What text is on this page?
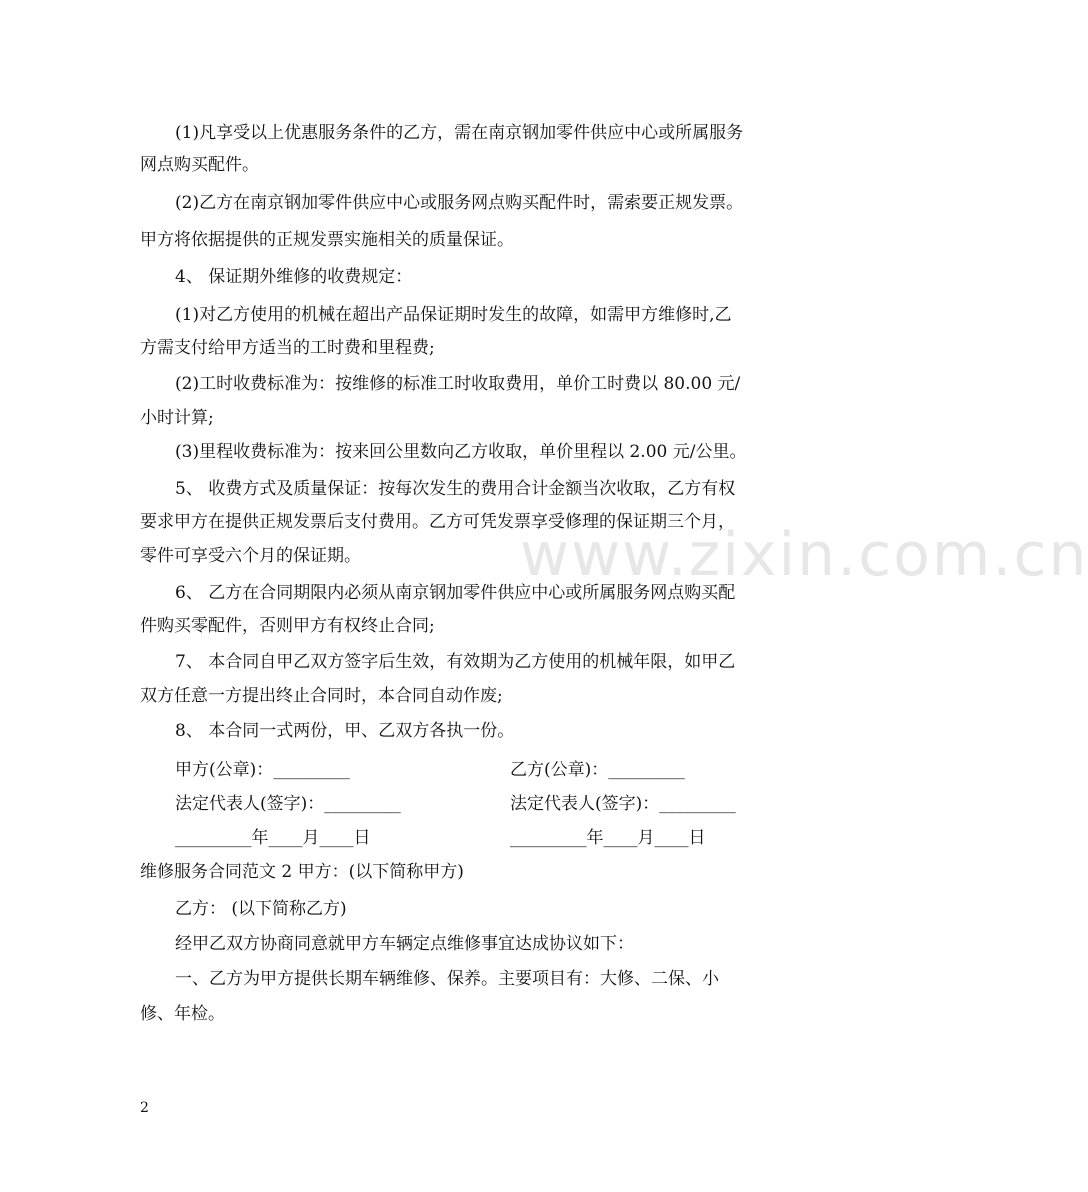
www.zixin.com.cn
(1)凡享受以上优惠服务条件的乙方，需在南京钢加零件供应中心或所属服务
网点购买配件。
(2)乙方在南京钢加零件供应中心或服务网点购买配件时，需索要正规发票。
甲方将依据提供的正规发票实施相关的质量保证。
4、 保证期外维修的收费规定：
(1)对乙方使用的机械在超出产品保证期时发生的故障，如需甲方维修时,乙
方需支付给甲方适当的工时费和里程费;
(2)工时收费标准为：按维修的标准工时收取费用，单价工时费以 80.00 元/
小时计算;
(3)里程收费标准为：按来回公里数向乙方收取，单价里程以 2.00 元/公里。
5、 收费方式及质量保证：按每次发生的费用合计金额当次收取，乙方有权
要求甲方在提供正规发票后支付费用。乙方可凭发票享受修理的保证期三个月，
零件可享受六个月的保证期。
6、 乙方在合同期限内必须从南京钢加零件供应中心或所属服务网点购买配
件购买零配件，否则甲方有权终止合同;
7、 本合同自甲乙双方签字后生效，有效期为乙方使用的机械年限，如甲乙
双方任意一方提出终止合同时，本合同自动作废;
8、 本合同一式两份，甲、乙双方各执一份。
甲方(公章)：_________	乙方(公章)：_________
法定代表人(签字)：_________	法定代表人(签字)：_________
_________年____月____日	_________年____月____日
维修服务合同范文 2 甲方：(以下简称甲方)
乙方： (以下简称乙方)
经甲乙双方协商同意就甲方车辆定点维修事宜达成协议如下：
一、乙方为甲方提供长期车辆维修、保养。主要项目有：大修、二保、小
修、年检。
2
